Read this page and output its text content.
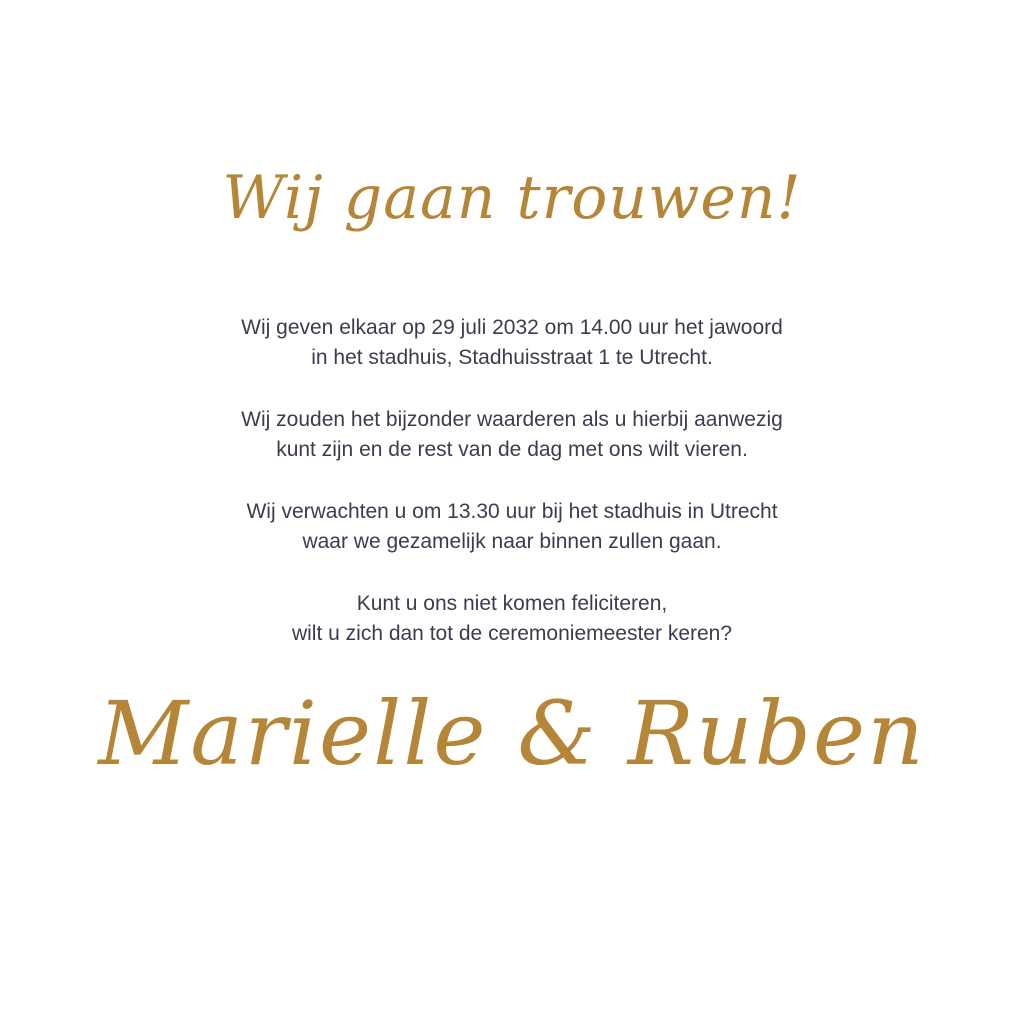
Wij gaan trouwen!

Wij geven elkaar op 29 juli 2032 om 14.00 uur het jawoord
in het stadhuis, Stadhuisstraat 1 te Utrecht.

Wij zouden het bijzonder waarderen als u hierbij aanwezig
kunt zijn en de rest van de dag met ons wilt vieren.

Wij verwachten u om 13.30 uur bij het stadhuis in Utrecht
waar we gezamelijk naar binnen zullen gaan.

Kunt u ons niet komen feliciteren,
wilt u zich dan tot de ceremoniemeester keren?

Marielle & Ruben
